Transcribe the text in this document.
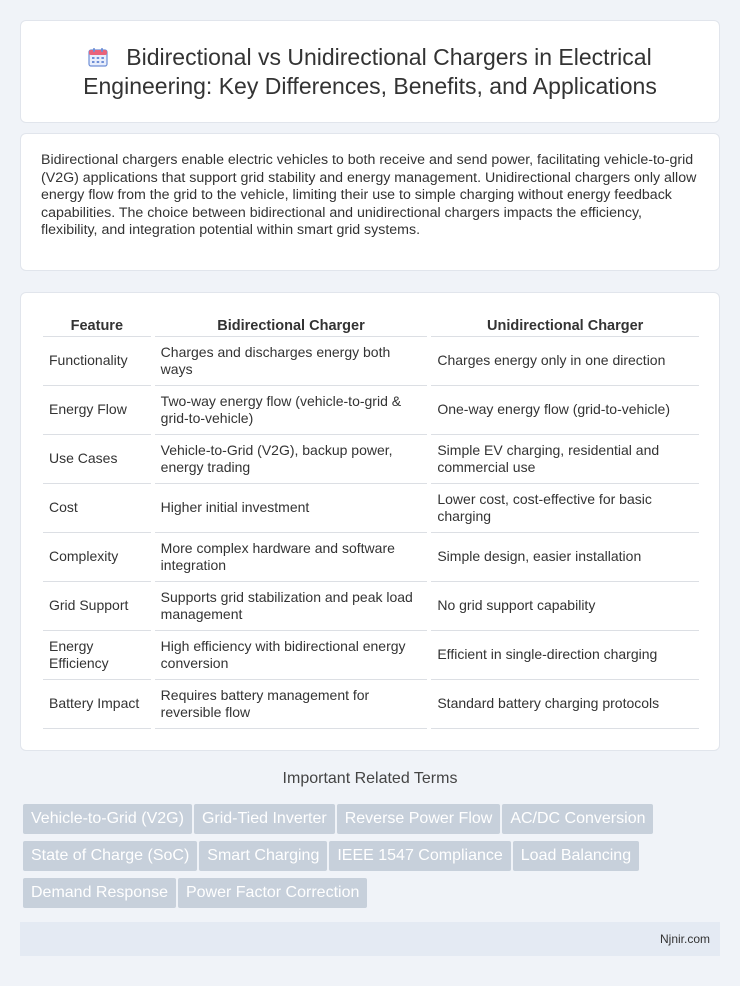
Bidirectional vs Unidirectional Chargers in Electrical Engineering: Key Differences, Benefits, and Applications

Bidirectional chargers enable electric vehicles to both receive and send power, facilitating vehicle-to-grid (V2G) applications that support grid stability and energy management. Unidirectional chargers only allow energy flow from the grid to the vehicle, limiting their use to simple charging without energy feedback capabilities. The choice between bidirectional and unidirectional chargers impacts the efficiency, flexibility, and integration potential within smart grid systems.

Feature		Bidirectional Charger		Unidirectional Charger
Functionality		Charges and discharges energy both ways		Charges energy only in one direction
Energy Flow		Two-way energy flow (vehicle-to-grid & grid-to-vehicle)		One-way energy flow (grid-to-vehicle)
Use Cases		Vehicle-to-Grid (V2G), backup power, energy trading		Simple EV charging, residential and commercial use
Cost		Higher initial investment		Lower cost, cost-effective for basic charging
Complexity		More complex hardware and software integration		Simple design, easier installation
Grid Support		Supports grid stabilization and peak load management		No grid support capability
Energy Efficiency		High efficiency with bidirectional energy conversion		Efficient in single-direction charging
Battery Impact		Requires battery management for reversible flow		Standard battery charging protocols
Important Related Terms
Vehicle-to-Grid (V2G) Grid-Tied Inverter Reverse Power Flow AC/DC ConversionState of Charge (SoC) Smart Charging IEEE 1547 Compliance Load BalancingDemand Response Power Factor Correction
Njnir.com
